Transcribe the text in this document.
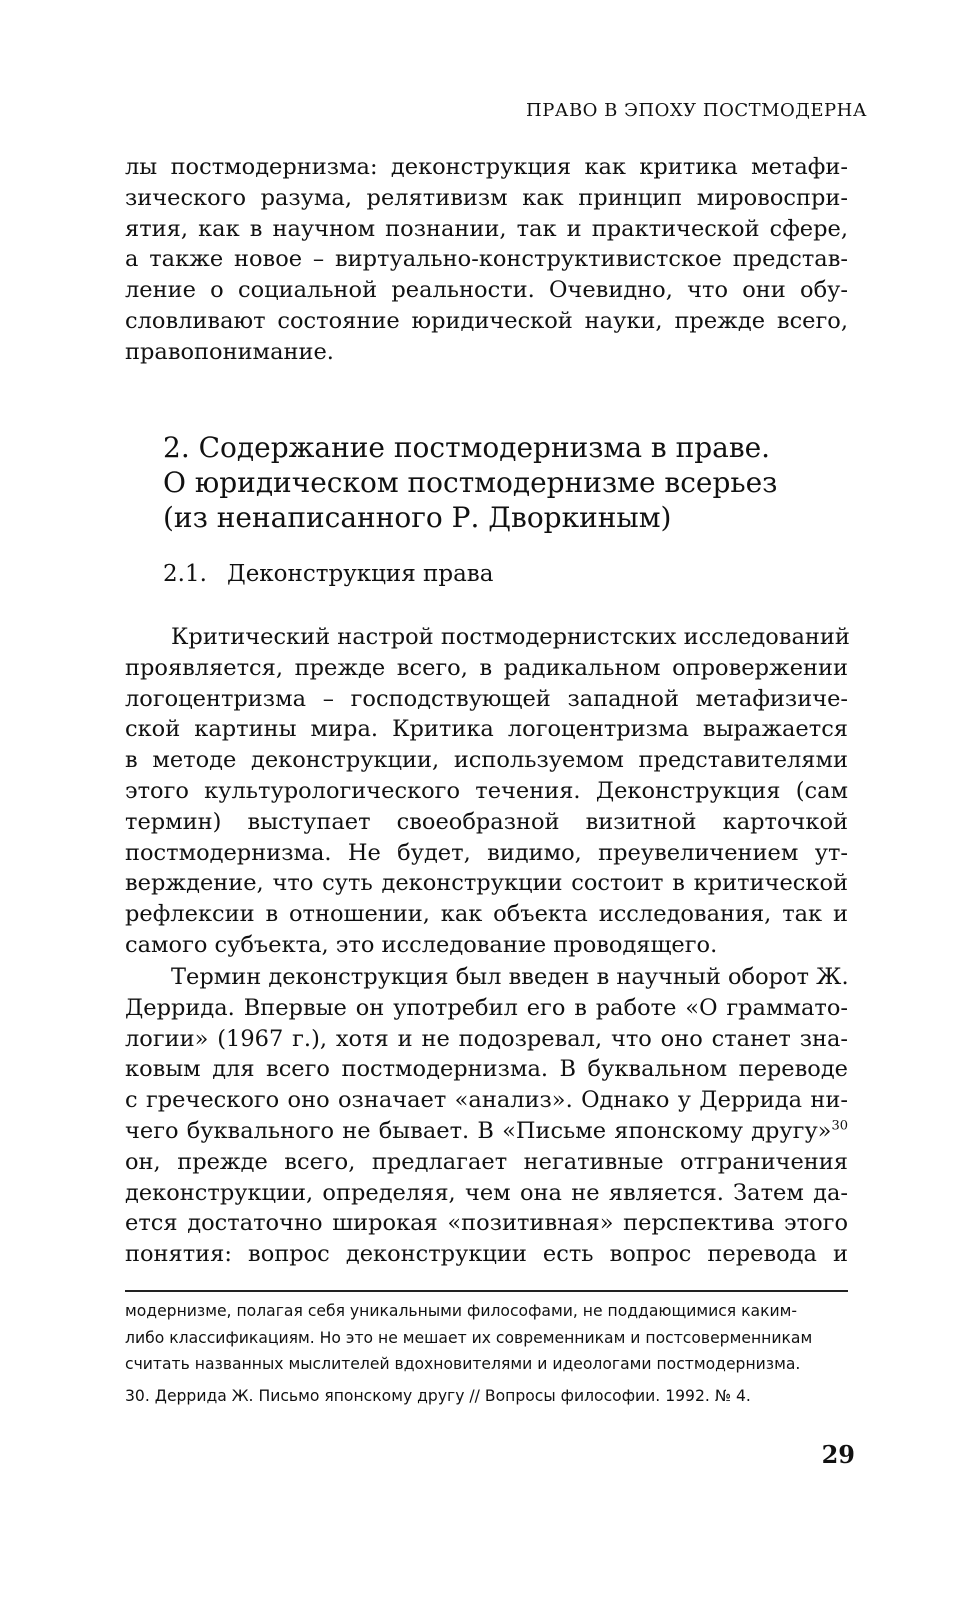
ПРАВО В ЭПОХУ ПОСТМОДЕРНА
лы постмодернизма: деконструкция как критика метафи-
зического разума, релятивизм как принцип мировоспри-
ятия, как в научном познании, так и практической сфере,
а также новое – виртуально-конструктивистское представ-
ление о социальной реальности. Очевидно, что они обу-
словливают состояние юридической науки, прежде всего,
правопонимание.
2. Содержание постмодернизма в праве.
О юридическом постмодернизме всерьез
(из ненаписанного Р. Дворкиным)
2.1. Деконструкция права
Критический настрой постмодернистских исследований
проявляется, прежде всего, в радикальном опровержении
логоцентризма – господствующей западной метафизиче-
ской картины мира. Критика логоцентризма выражается
в методе деконструкции, используемом представителями
этого культурологического течения. Деконструкция (сам
термин) выступает своеобразной визитной карточкой
постмодернизма. Не будет, видимо, преувеличением ут-
верждение, что суть деконструкции состоит в критической
рефлексии в отношении, как объекта исследования, так и
самого субъекта, это исследование проводящего.
Термин деконструкция был введен в научный оборот Ж.
Деррида. Впервые он употребил его в работе «О граммато-
логии» (1967 г.), хотя и не подозревал, что оно станет зна-
ковым для всего постмодернизма. В буквальном переводе
с греческого оно означает «анализ». Однако у Деррида ни-
чего буквального не бывает. В «Письме японскому другу»$^{30}$
он, прежде всего, предлагает негативные отграничения
деконструкции, определяя, чем она не является. Затем да-
ется достаточно широкая «позитивная» перспектива этого
понятия: вопрос деконструкции есть вопрос перевода и
модернизме, полагая себя уникальными философами, не поддающимися каким-
либо классификациям. Но это не мешает их современникам и постсоверменникам
считать названных мыслителей вдохновителями и идеологами постмодернизма.
30. Деррида Ж. Письмо японскому другу // Вопросы философии. 1992. № 4.
29
